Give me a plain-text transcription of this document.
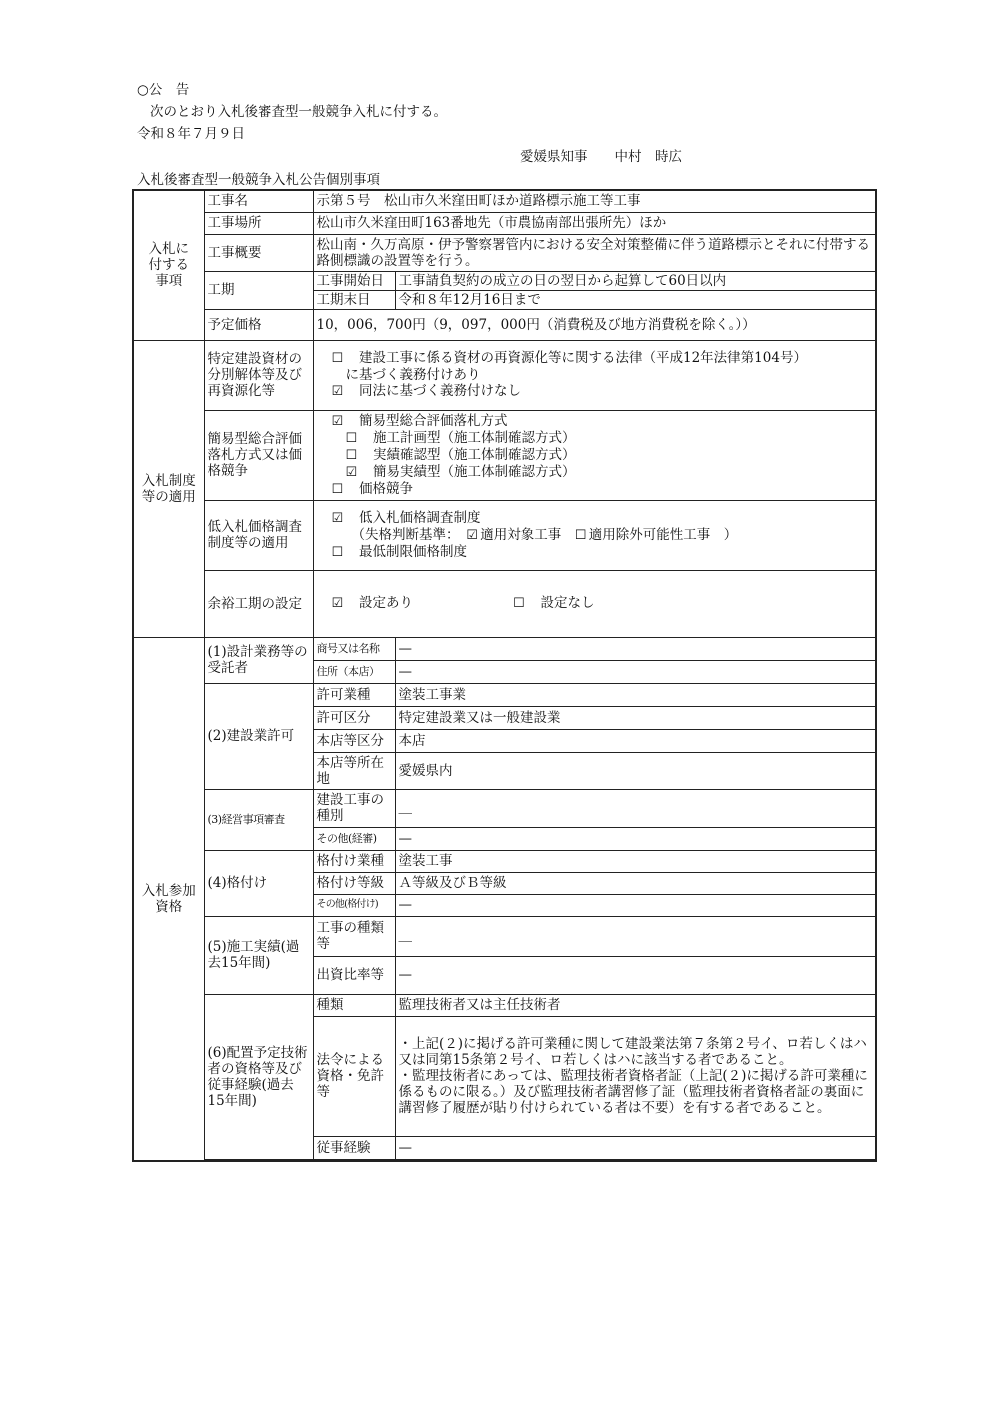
○公　告
次のとおり入札後審査型一般競争入札に付する。
令和８年７月９日
愛媛県知事　　中村　時広
入札後審査型一般競争入札公告個別事項
入札に付する事項	工事名	示第５号　松山市久米窪田町ほか道路標示施工等工事	
	工事場所	松山市久米窪田町163番地先（市農協南部出張所先）ほか	
	工事概要	松山南・久万高原・伊予警察署管内における安全対策整備に伴う道路標示とそれに付帯する路側標識の設置等を行う。	

	工期	工事開始日	工事請負契約の成立の日の翌日から起算して60日以内
		工期末日	令和８年12月16日まで
	予定価格	10，006，700円（9，097，000円（消費税及び地方消費税を除く。））	

入札制度等の適用	特定建設資材の分別解体等及び再資源化等	☐　 建設工事に係る資材の再資源化等に関する法律（平成12年法律第104号）
に基づく義務付けあり
☑　 同法に基づく義務付けなし	

	簡易型総合評価落札方式又は価格競争	☑　 簡易型総合評価落札方式
☐　 施工計画型（施工体制確認方式）
☐　 実績確認型（施工体制確認方式）
☑　 簡易実績型（施工体制確認方式）
☐　 価格競争	

	低入札価格調査制度等の適用	☑　 低入札価格調査制度
（失格判断基準：　 ☑ 適用対象工事　 ☐ 適用除外可能性工事　）
☐　 最低制限価格制度	

	余裕工期の設定	☑　 設定あり ☐　 設定なし	

入札参加資格	(1)設計業務等の受託者	商号又は名称	—
		住所（本店）	—
	(2)建設業許可	許可業種	塗装工事業
		許可区分	特定建設業又は一般建設業
		本店等区分	本店

		本店等所在地	愛媛県内
	(3)経営事項審査	建設工事の種別	＿
		その他(経審)	—
	(4)格付け	格付け業種	塗装工事
		格付け等級	Ａ等級及びＢ等級
		その他(格付け)	—

	(5)施工実績(過去15年間)	工事の種類等	＿
		出資比率等	—

	(6)配置予定技術者の資格等及び従事経験(過去15年間)	種類	監理技術者又は主任技術者

		法令による資格・免許等	・上記(２)に掲げる許可業種に関して建設業法第７条第２号イ、ロ若しくはハ又は同第15条第２号イ、ロ若しくはハに該当する者であること。
・監理技術者にあっては、監理技術者資格者証（上記(２)に掲げる許可業種に係るものに限る。）及び監理技術者講習修了証（監理技術者資格者証の裏面に講習修了履歴が貼り付けられている者は不要）を有する者であること。

		従事経験	—
